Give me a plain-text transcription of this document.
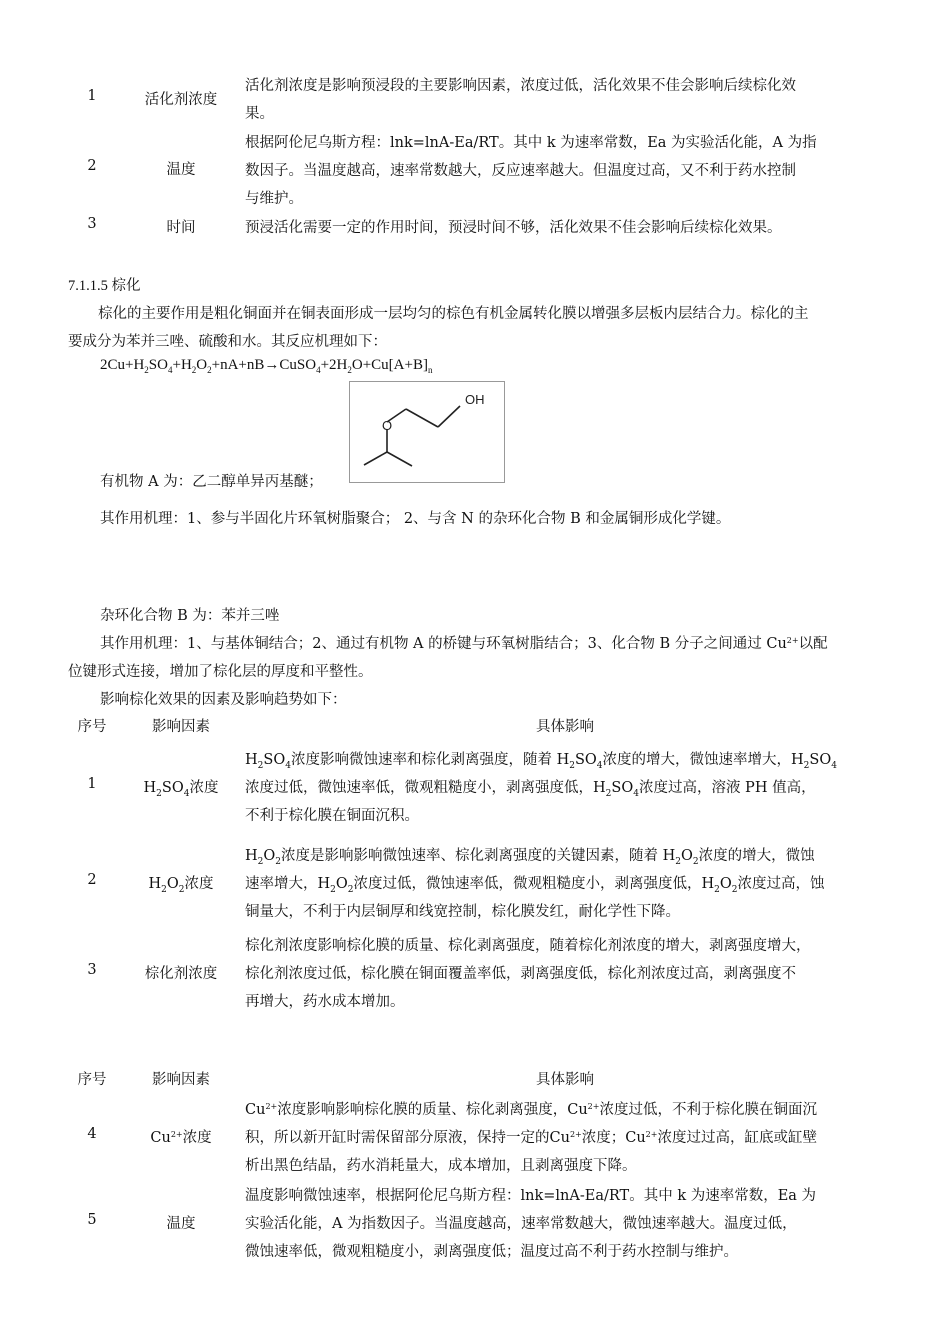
1	活化剂浓度
活化剂浓度是影响预浸段的主要影响因素，浓度过低，活化效果不佳会影响后续棕化效
果。
2	温度
根据阿伦尼乌斯方程：lnk=lnA-Ea/RT。其中 k 为速率常数，Ea 为实验活化能，A 为指
数因子。当温度越高，速率常数越大，反应速率越大。但温度过高，又不利于药水控制
与维护。
3	时间	预浸活化需要一定的作用时间，预浸时间不够，活化效果不佳会影响后续棕化效果。
7.1.1.5 棕化
棕化的主要作用是粗化铜面并在铜表面形成一层均匀的棕色有机金属转化膜以增强多层板内层结合力。棕化的主
要成分为苯并三唑、硫酸和水。其反应机理如下：
$2Cu+H_2SO_4+H_2O_2+nA+nB\to CuSO_4+2H_2O+Cu[A+B]_n$
OH
O
有机物 A 为：乙二醇单异丙基醚；
其作用机理：1、参与半固化片环氧树脂聚合； 2、与含 N 的杂环化合物 B 和金属铜形成化学键。
杂环化合物 B 为：苯并三唑
其作用机理：1、与基体铜结合；2、通过有机物 A 的桥键与环氧树脂结合；3、化合物 B 分子之间通过 $Cu^{2+}$以配
位键形式连接，增加了棕化层的厚度和平整性。
影响棕化效果的因素及影响趋势如下：
序号	影响因素	具体影响
1	$H_2SO_4$浓度
$H_2SO_4$浓度影响微蚀速率和棕化剥离强度，随着 $H_2SO_4$浓度的增大，微蚀速率增大，$H_2SO_4$
浓度过低，微蚀速率低，微观粗糙度小，剥离强度低，$H_2SO_4$浓度过高，溶液 PH 值高，
不利于棕化膜在铜面沉积。
2	$H_2O_2$浓度
$H_2O_2$浓度是影响影响微蚀速率、棕化剥离强度的关键因素，随着 $H_2O_2$浓度的增大，微蚀
速率增大，$H_2O_2$浓度过低，微蚀速率低，微观粗糙度小，剥离强度低，$H_2O_2$浓度过高，蚀
铜量大，不利于内层铜厚和线宽控制，棕化膜发红，耐化学性下降。
3	棕化剂浓度
棕化剂浓度影响棕化膜的质量、棕化剥离强度，随着棕化剂浓度的增大，剥离强度增大，
棕化剂浓度过低，棕化膜在铜面覆盖率低，剥离强度低，棕化剂浓度过高，剥离强度不
再增大，药水成本增加。
序号	影响因素	具体影响
4	$Cu^{2+}$浓度
$Cu^{2+}$浓度影响影响棕化膜的质量、棕化剥离强度，$Cu^{2+}$浓度过低，不利于棕化膜在铜面沉
积，所以新开缸时需保留部分原液，保持一定的$Cu^{2+}$浓度；$Cu^{2+}$浓度过过高，缸底或缸壁
析出黑色结晶，药水消耗量大，成本增加，且剥离强度下降。
5	温度
温度影响微蚀速率，根据阿伦尼乌斯方程：lnk=lnA-Ea/RT。其中 k 为速率常数，Ea 为
实验活化能，A 为指数因子。当温度越高，速率常数越大，微蚀速率越大。温度过低，
微蚀速率低，微观粗糙度小，剥离强度低；温度过高不利于药水控制与维护。
